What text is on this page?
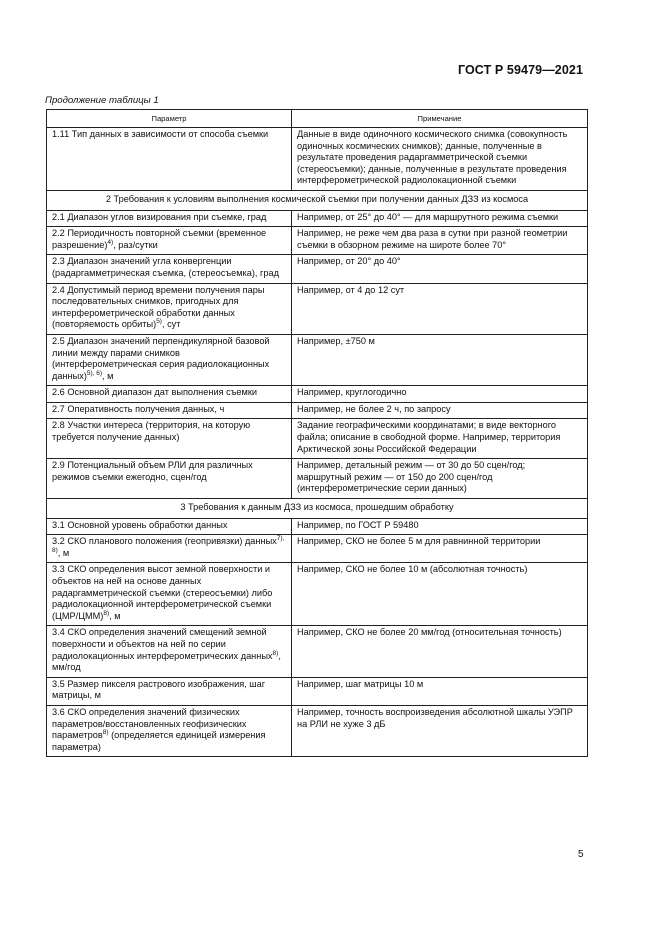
ГОСТ Р 59479—2021
Продолжение таблицы 1
Параметр	Примечание
1.11 Тип данных в зависимости от способа съемки	Данные в виде одиночного космического снимка (совокупность одиночных космических снимков); данные, полученные в результате проведения радаргамметрической съемки (стереосъемки); данные, полученные в результате проведения интерферометрической радиолокационной съемки
2 Требования к условиям выполнения космической съемки при получении данных ДЗЗ из космоса	
2.1 Диапазон углов визирования при съемке, град	Например, от 25° до 40° — для маршрутного режима съемки
2.2 Периодичность повторной съемки (временное разрешение)$^{4)}$, раз/сутки	Например, не реже чем два раза в сутки при разной геометрии съемки в обзорном режиме на широте более 70°
2.3 Диапазон значений угла конвергенции (радаргамметрическая съемка, (стереосъемка), град	Например, от 20° до 40°
2.4 Допустимый период времени получения пары последовательных снимков, пригодных для интерферометрической обработки данных (повторяемость орбиты)$^{5)}$, сут	Например, от 4 до 12 сут
2.5 Диапазон значений перпендикулярной базовой линии между парами снимков (интерферометрическая серия радиолокационных данных)$^{5), 6)}$, м	Например, ±750 м
2.6 Основной диапазон дат выполнения съемки	Например, круглогодично
2.7 Оперативность получения данных, ч	Например, не более 2 ч, по запросу
2.8 Участки интереса (территория, на которую требуется получение данных)	Задание географическими координатами; в виде векторного файла; описание в свободной форме. Например, территория Арктической зоны Российской Федерации
2.9 Потенциальный объем РЛИ для различных режимов съемки ежегодно, сцен/год	Например, детальный режим — от 30 до 50 сцен/год; маршрутный режим — от 150 до 200 сцен/год (интерферометрические серии данных)
3 Требования к данным ДЗЗ из космоса, прошедшим обработку	
3.1 Основной уровень обработки данных	Например, по ГОСТ Р 59480
3.2 СКО планового положения (геопривязки) данных$^{7), 8)}$, м	Например, СКО не более 5 м для равнинной территории
3.3 СКО определения высот земной поверхности и объектов на ней на основе данных радаргамметрической съемки (стереосъемки) либо радиолокационной интерферометрической съемки $(ЦМР/ЦММ)^{8)}$, м	Например, СКО не более 10 м (абсолютная точность)
3.4 СКО определения значений смещений земной поверхности и объектов на ней по серии радиолокационных интерферометрических данных$^{8)}$, мм/год	Например, СКО не более 20 мм/год (относительная точность)
3.5 Размер пикселя растрового изображения, шаг матрицы, м	Например, шаг матрицы 10 м
3.6 СКО определения значений физических параметров/восстановленных геофизических параметров$^{8)}$ (определяется единицей измерения параметра)	Например, точность воспроизведения абсолютной шкалы УЭПР на РЛИ не хуже 3 дБ
5
